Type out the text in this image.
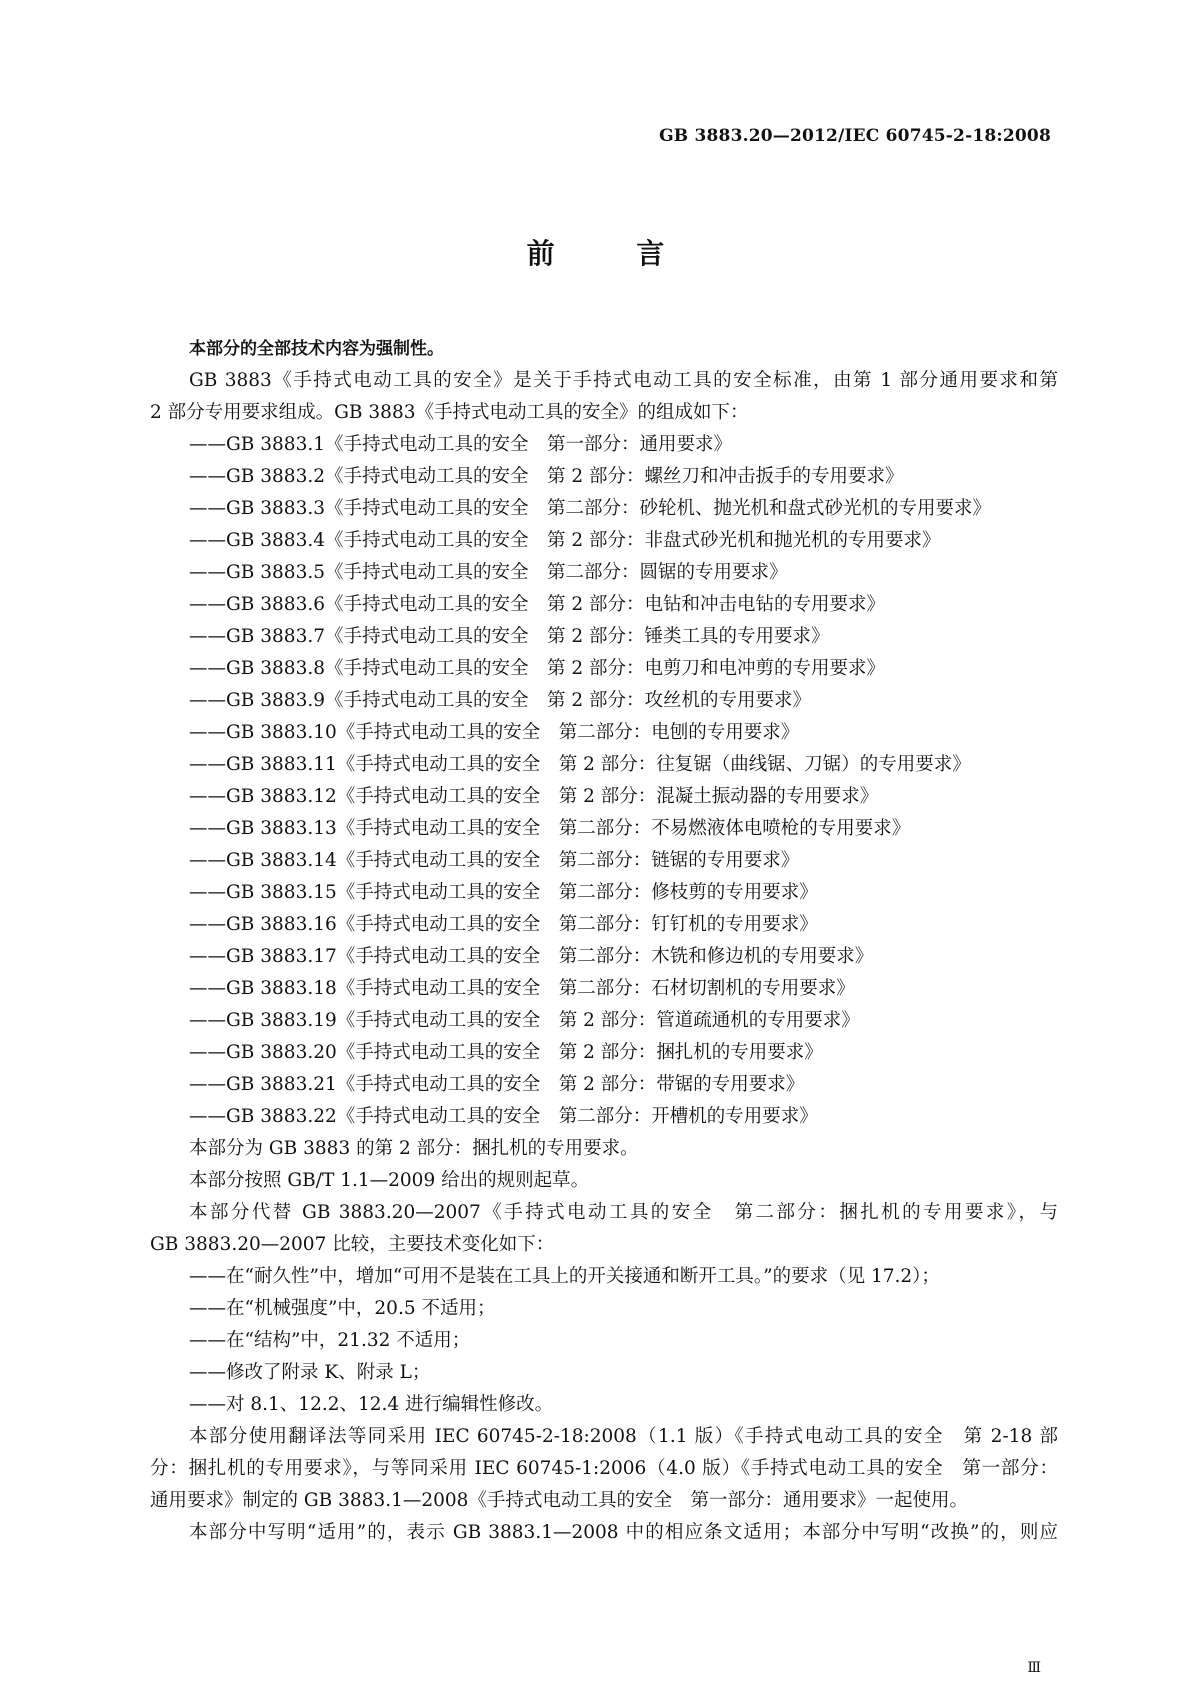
GB 3883.20—2012/IEC 60745-2-18:2008
前 言
本部分的全部技术内容为强制性。
GB 3883《手持式电动工具的安全》是关于手持式电动工具的安全标准，由第 1 部分通用要求和第
2 部分专用要求组成。GB 3883《手持式电动工具的安全》的组成如下：
——GB 3883.1《手持式电动工具的安全　第一部分：通用要求》
——GB 3883.2《手持式电动工具的安全　第 2 部分：螺丝刀和冲击扳手的专用要求》
——GB 3883.3《手持式电动工具的安全　第二部分：砂轮机、抛光机和盘式砂光机的专用要求》
——GB 3883.4《手持式电动工具的安全　第 2 部分：非盘式砂光机和抛光机的专用要求》
——GB 3883.5《手持式电动工具的安全　第二部分：圆锯的专用要求》
——GB 3883.6《手持式电动工具的安全　第 2 部分：电钻和冲击电钻的专用要求》
——GB 3883.7《手持式电动工具的安全　第 2 部分：锤类工具的专用要求》
——GB 3883.8《手持式电动工具的安全　第 2 部分：电剪刀和电冲剪的专用要求》
——GB 3883.9《手持式电动工具的安全　第 2 部分：攻丝机的专用要求》
——GB 3883.10《手持式电动工具的安全　第二部分：电刨的专用要求》
——GB 3883.11《手持式电动工具的安全　第 2 部分：往复锯（曲线锯、刀锯）的专用要求》
——GB 3883.12《手持式电动工具的安全　第 2 部分：混凝土振动器的专用要求》
——GB 3883.13《手持式电动工具的安全　第二部分：不易燃液体电喷枪的专用要求》
——GB 3883.14《手持式电动工具的安全　第二部分：链锯的专用要求》
——GB 3883.15《手持式电动工具的安全　第二部分：修枝剪的专用要求》
——GB 3883.16《手持式电动工具的安全　第二部分：钉钉机的专用要求》
——GB 3883.17《手持式电动工具的安全　第二部分：木铣和修边机的专用要求》
——GB 3883.18《手持式电动工具的安全　第二部分：石材切割机的专用要求》
——GB 3883.19《手持式电动工具的安全　第 2 部分：管道疏通机的专用要求》
——GB 3883.20《手持式电动工具的安全　第 2 部分：捆扎机的专用要求》
——GB 3883.21《手持式电动工具的安全　第 2 部分：带锯的专用要求》
——GB 3883.22《手持式电动工具的安全　第二部分：开槽机的专用要求》
本部分为 GB 3883 的第 2 部分：捆扎机的专用要求。
本部分按照 GB/T 1.1—2009 给出的规则起草。
本部分代替 GB 3883.20—2007《手持式电动工具的安全　第二部分：捆扎机的专用要求》，与
GB 3883.20—2007 比较，主要技术变化如下：
——在“耐久性”中，增加“可用不是装在工具上的开关接通和断开工具。”的要求（见 17.2）；
——在“机械强度”中，20.5 不适用；
——在“结构”中，21.32 不适用；
——修改了附录 K、附录 L；
——对 8.1、12.2、12.4 进行编辑性修改。
本部分使用翻译法等同采用 IEC 60745-2-18:2008（1.1 版）《手持式电动工具的安全　第 2-18 部
分：捆扎机的专用要求》，与等同采用 IEC 60745-1:2006（4.0 版）《手持式电动工具的安全　第一部分：
通用要求》制定的 GB 3883.1—2008《手持式电动工具的安全　第一部分：通用要求》一起使用。
本部分中写明“适用”的，表示 GB 3883.1—2008 中的相应条文适用；本部分中写明“改换”的，则应
Ⅲ
